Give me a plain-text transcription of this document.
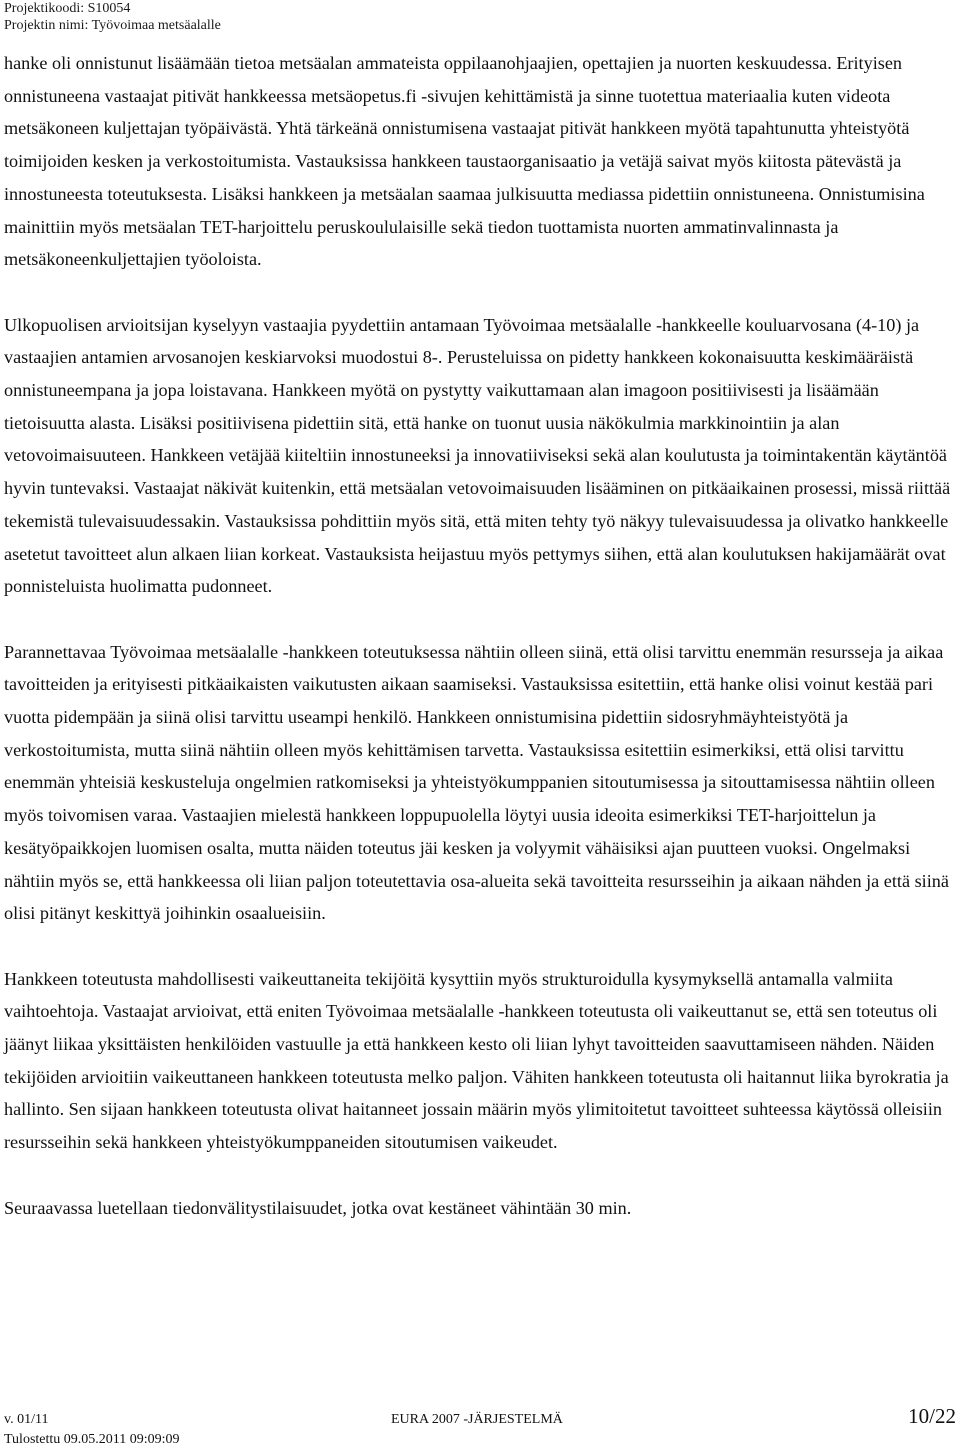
Projektikoodi: S10054
Projektin nimi: Työvoimaa metsäalalle

hanke oli onnistunut lisäämään tietoa metsäalan ammateista oppilaanohjaajien, opettajien ja nuorten keskuudessa. Erityisen onnistuneena vastaajat pitivät hankkeessa metsäopetus.fi -sivujen kehittämistä ja sinne tuotettua materiaalia kuten videota metsäkoneen kuljettajan työpäivästä. Yhtä tärkeänä onnistumisena vastaajat pitivät hankkeen myötä tapahtunutta yhteistyötä toimijoiden kesken ja verkostoitumista. Vastauksissa hankkeen taustaorganisaatio ja vetäjä saivat myös kiitosta pätevästä ja innostuneesta toteutuksesta. Lisäksi hankkeen ja metsäalan saamaa julkisuutta mediassa pidettiin onnistuneena. Onnistumisina mainittiin myös metsäalan TET-harjoittelu peruskoululaisille sekä tiedon tuottamista nuorten ammatinvalinnasta ja metsäkoneenkuljettajien työoloista.

Ulkopuolisen arvioitsijan kyselyyn vastaajia pyydettiin antamaan Työvoimaa metsäalalle -hankkeelle kouluarvosana (4-10) ja vastaajien antamien arvosanojen keskiarvoksi muodostui 8-. Perusteluissa on pidetty hankkeen kokonaisuutta keskimääräistä onnistuneempana ja jopa loistavana. Hankkeen myötä on pystytty vaikuttamaan alan imagoon positiivisesti ja lisäämään tietoisuutta alasta. Lisäksi positiivisena pidettiin sitä, että hanke on tuonut uusia näkökulmia markkinointiin ja alan vetovoimaisuuteen. Hankkeen vetäjää kiiteltiin innostuneeksi ja innovatiiviseksi sekä alan koulutusta ja toimintakentän käytäntöä hyvin tuntevaksi. Vastaajat näkivät kuitenkin, että metsäalan vetovoimaisuuden lisääminen on pitkäaikainen prosessi, missä riittää tekemistä tulevaisuudessakin. Vastauksissa pohdittiin myös sitä, että miten tehty työ näkyy tulevaisuudessa ja olivatko hankkeelle asetetut tavoitteet alun alkaen liian korkeat. Vastauksista heijastuu myös pettymys siihen, että alan koulutuksen hakijamäärät ovat ponnisteluista huolimatta pudonneet.

Parannettavaa Työvoimaa metsäalalle -hankkeen toteutuksessa nähtiin olleen siinä, että olisi tarvittu enemmän resursseja ja aikaa tavoitteiden ja erityisesti pitkäaikaisten vaikutusten aikaan saamiseksi. Vastauksissa esitettiin, että hanke olisi voinut kestää pari vuotta pidempään ja siinä olisi tarvittu useampi henkilö. Hankkeen onnistumisina pidettiin sidosryhmäyhteistyötä ja verkostoitumista, mutta siinä nähtiin olleen myös kehittämisen tarvetta. Vastauksissa esitettiin esimerkiksi, että olisi tarvittu enemmän yhteisiä keskusteluja ongelmien ratkomiseksi ja yhteistyökumppanien sitoutumisessa ja sitouttamisessa nähtiin olleen myös toivomisen varaa. Vastaajien mielestä hankkeen loppupuolella löytyi uusia ideoita esimerkiksi TET-harjoittelun ja kesätyöpaikkojen luomisen osalta, mutta näiden toteutus jäi kesken ja volyymit vähäisiksi ajan puutteen vuoksi. Ongelmaksi nähtiin myös se, että hankkeessa oli liian paljon toteutettavia osa-alueita sekä tavoitteita resursseihin ja aikaan nähden ja että siinä olisi pitänyt keskittyä joihinkin osaalueisiin.

Hankkeen toteutusta mahdollisesti vaikeuttaneita tekijöitä kysyttiin myös strukturoidulla kysymyksellä antamalla valmiita vaihtoehtoja. Vastaajat arvioivat, että eniten Työvoimaa metsäalalle -hankkeen toteutusta oli vaikeuttanut se, että sen toteutus oli jäänyt liikaa yksittäisten henkilöiden vastuulle ja että hankkeen kesto oli liian lyhyt tavoitteiden saavuttamiseen nähden. Näiden tekijöiden arvioitiin vaikeuttaneen hankkeen toteutusta melko paljon. Vähiten hankkeen toteutusta oli haitannut liika byrokratia ja hallinto. Sen sijaan hankkeen toteutusta olivat haitanneet jossain määrin myös ylimitoitetut tavoitteet suhteessa käytössä olleisiin resursseihin sekä hankkeen yhteistyökumppaneiden sitoutumisen vaikeudet.

Seuraavassa luetellaan tiedonvälitystilaisuudet, jotka ovat kestäneet vähintään 30 min.

v. 01/11	EURA 2007 -JÄRJESTELMÄ	10/22
Tulostettu 09.05.2011 09:09:09
